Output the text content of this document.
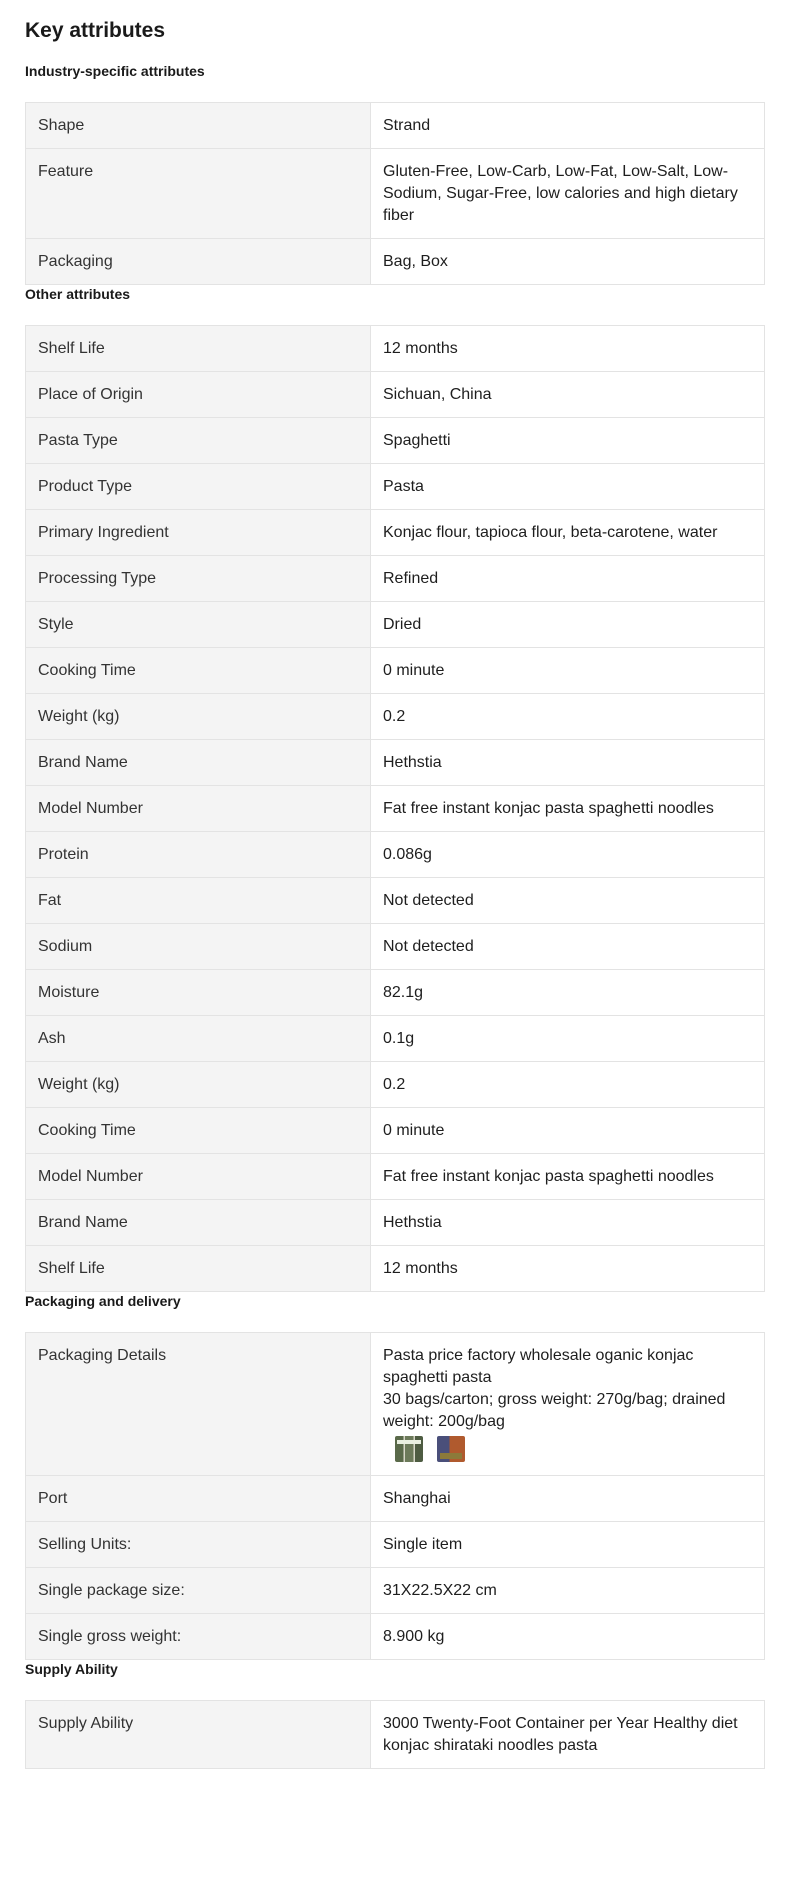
Key attributes
Industry-specific attributes
Shape	Strand
Feature	Gluten-Free, Low-Carb, Low-Fat, Low-Salt, Low-Sodium, Sugar-Free, low calories and high dietary fiber
Packaging	Bag, Box
Other attributes
Shelf Life	12 months
Place of Origin	Sichuan, China
Pasta Type	Spaghetti
Product Type	Pasta
Primary Ingredient	Konjac flour, tapioca flour, beta-carotene, water
Processing Type	Refined
Style	Dried
Cooking Time	0 minute
Weight (kg)	0.2
Brand Name	Hethstia
Model Number	Fat free instant konjac pasta spaghetti noodles
Protein	0.086g
Fat	Not detected
Sodium	Not detected
Moisture	82.1g
Ash	0.1g
Weight (kg)	0.2
Cooking Time	0 minute
Model Number	Fat free instant konjac pasta spaghetti noodles
Brand Name	Hethstia
Shelf Life	12 months
Packaging and delivery
Packaging Details	Pasta price factory wholesale oganic konjac spaghetti pasta
30 bags/carton; gross weight: 270g/bag; drained weight: 200g/bag

Port	Shanghai
Selling Units:	Single item
Single package size:	31X22.5X22 cm
Single gross weight:	8.900 kg
Supply Ability
Supply Ability	3000 Twenty-Foot Container per Year Healthy diet konjac shirataki noodles pasta
